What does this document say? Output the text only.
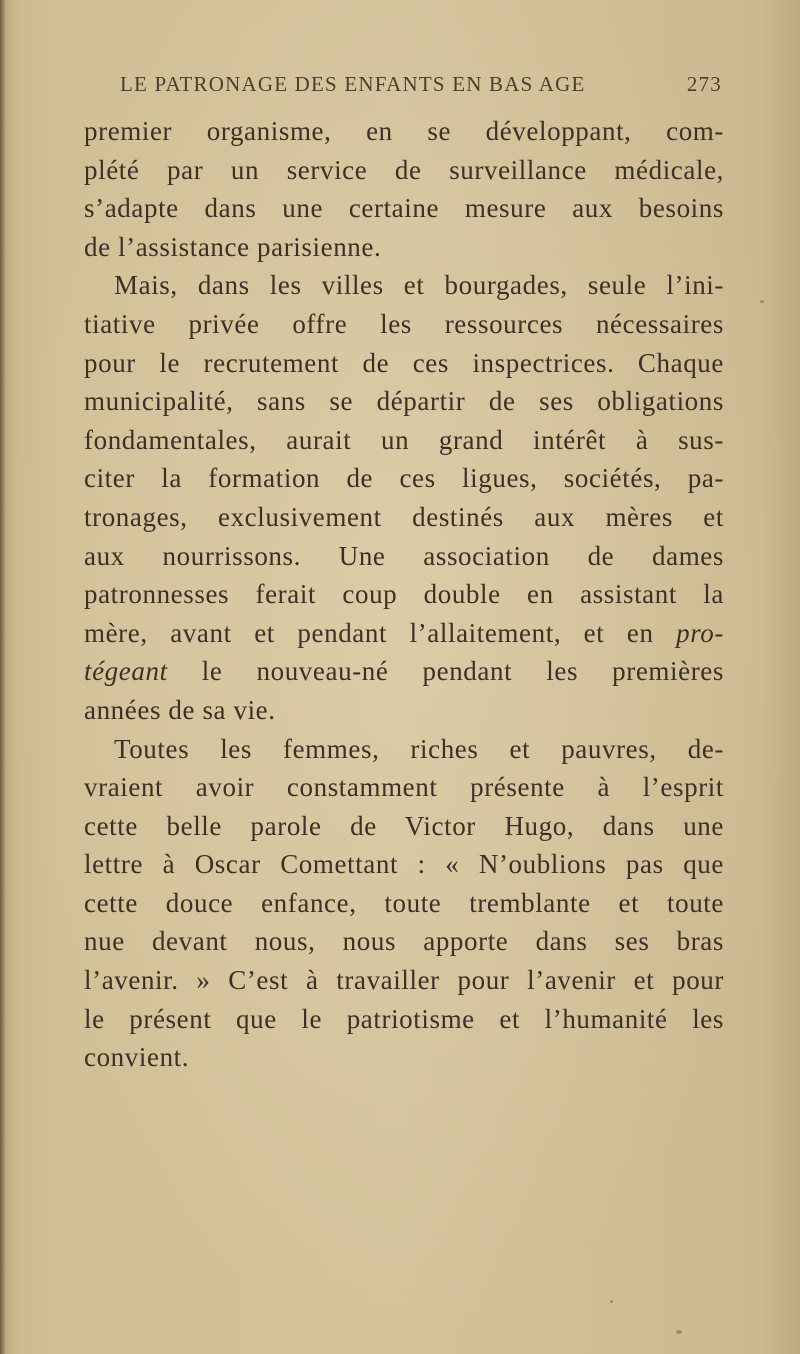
LE PATRONAGE DES ENFANTS EN BAS AGE	273
premier organisme, en se développant, com-
plété par un service de surveillance médicale,
s’adapte dans une certaine mesure aux besoins
de l’assistance parisienne.
Mais, dans les villes et bourgades, seule l’ini-
tiative privée offre les ressources nécessaires
pour le recrutement de ces inspectrices. Chaque
municipalité, sans se départir de ses obligations
fondamentales, aurait un grand intérêt à sus-
citer la formation de ces ligues, sociétés, pa-
tronages, exclusivement destinés aux mères et
aux nourrissons. Une association de dames
patronnesses ferait coup double en assistant la
mère, avant et pendant l’allaitement, et en pro-
tégeant le nouveau-né pendant les premières
années de sa vie.
Toutes les femmes, riches et pauvres, de-
vraient avoir constamment présente à l’esprit
cette belle parole de Victor Hugo, dans une
lettre à Oscar Comettant : « N’oublions pas que
cette douce enfance, toute tremblante et toute
nue devant nous, nous apporte dans ses bras
l’avenir. » C’est à travailler pour l’avenir et pour
le présent que le patriotisme et l’humanité les
convient.
